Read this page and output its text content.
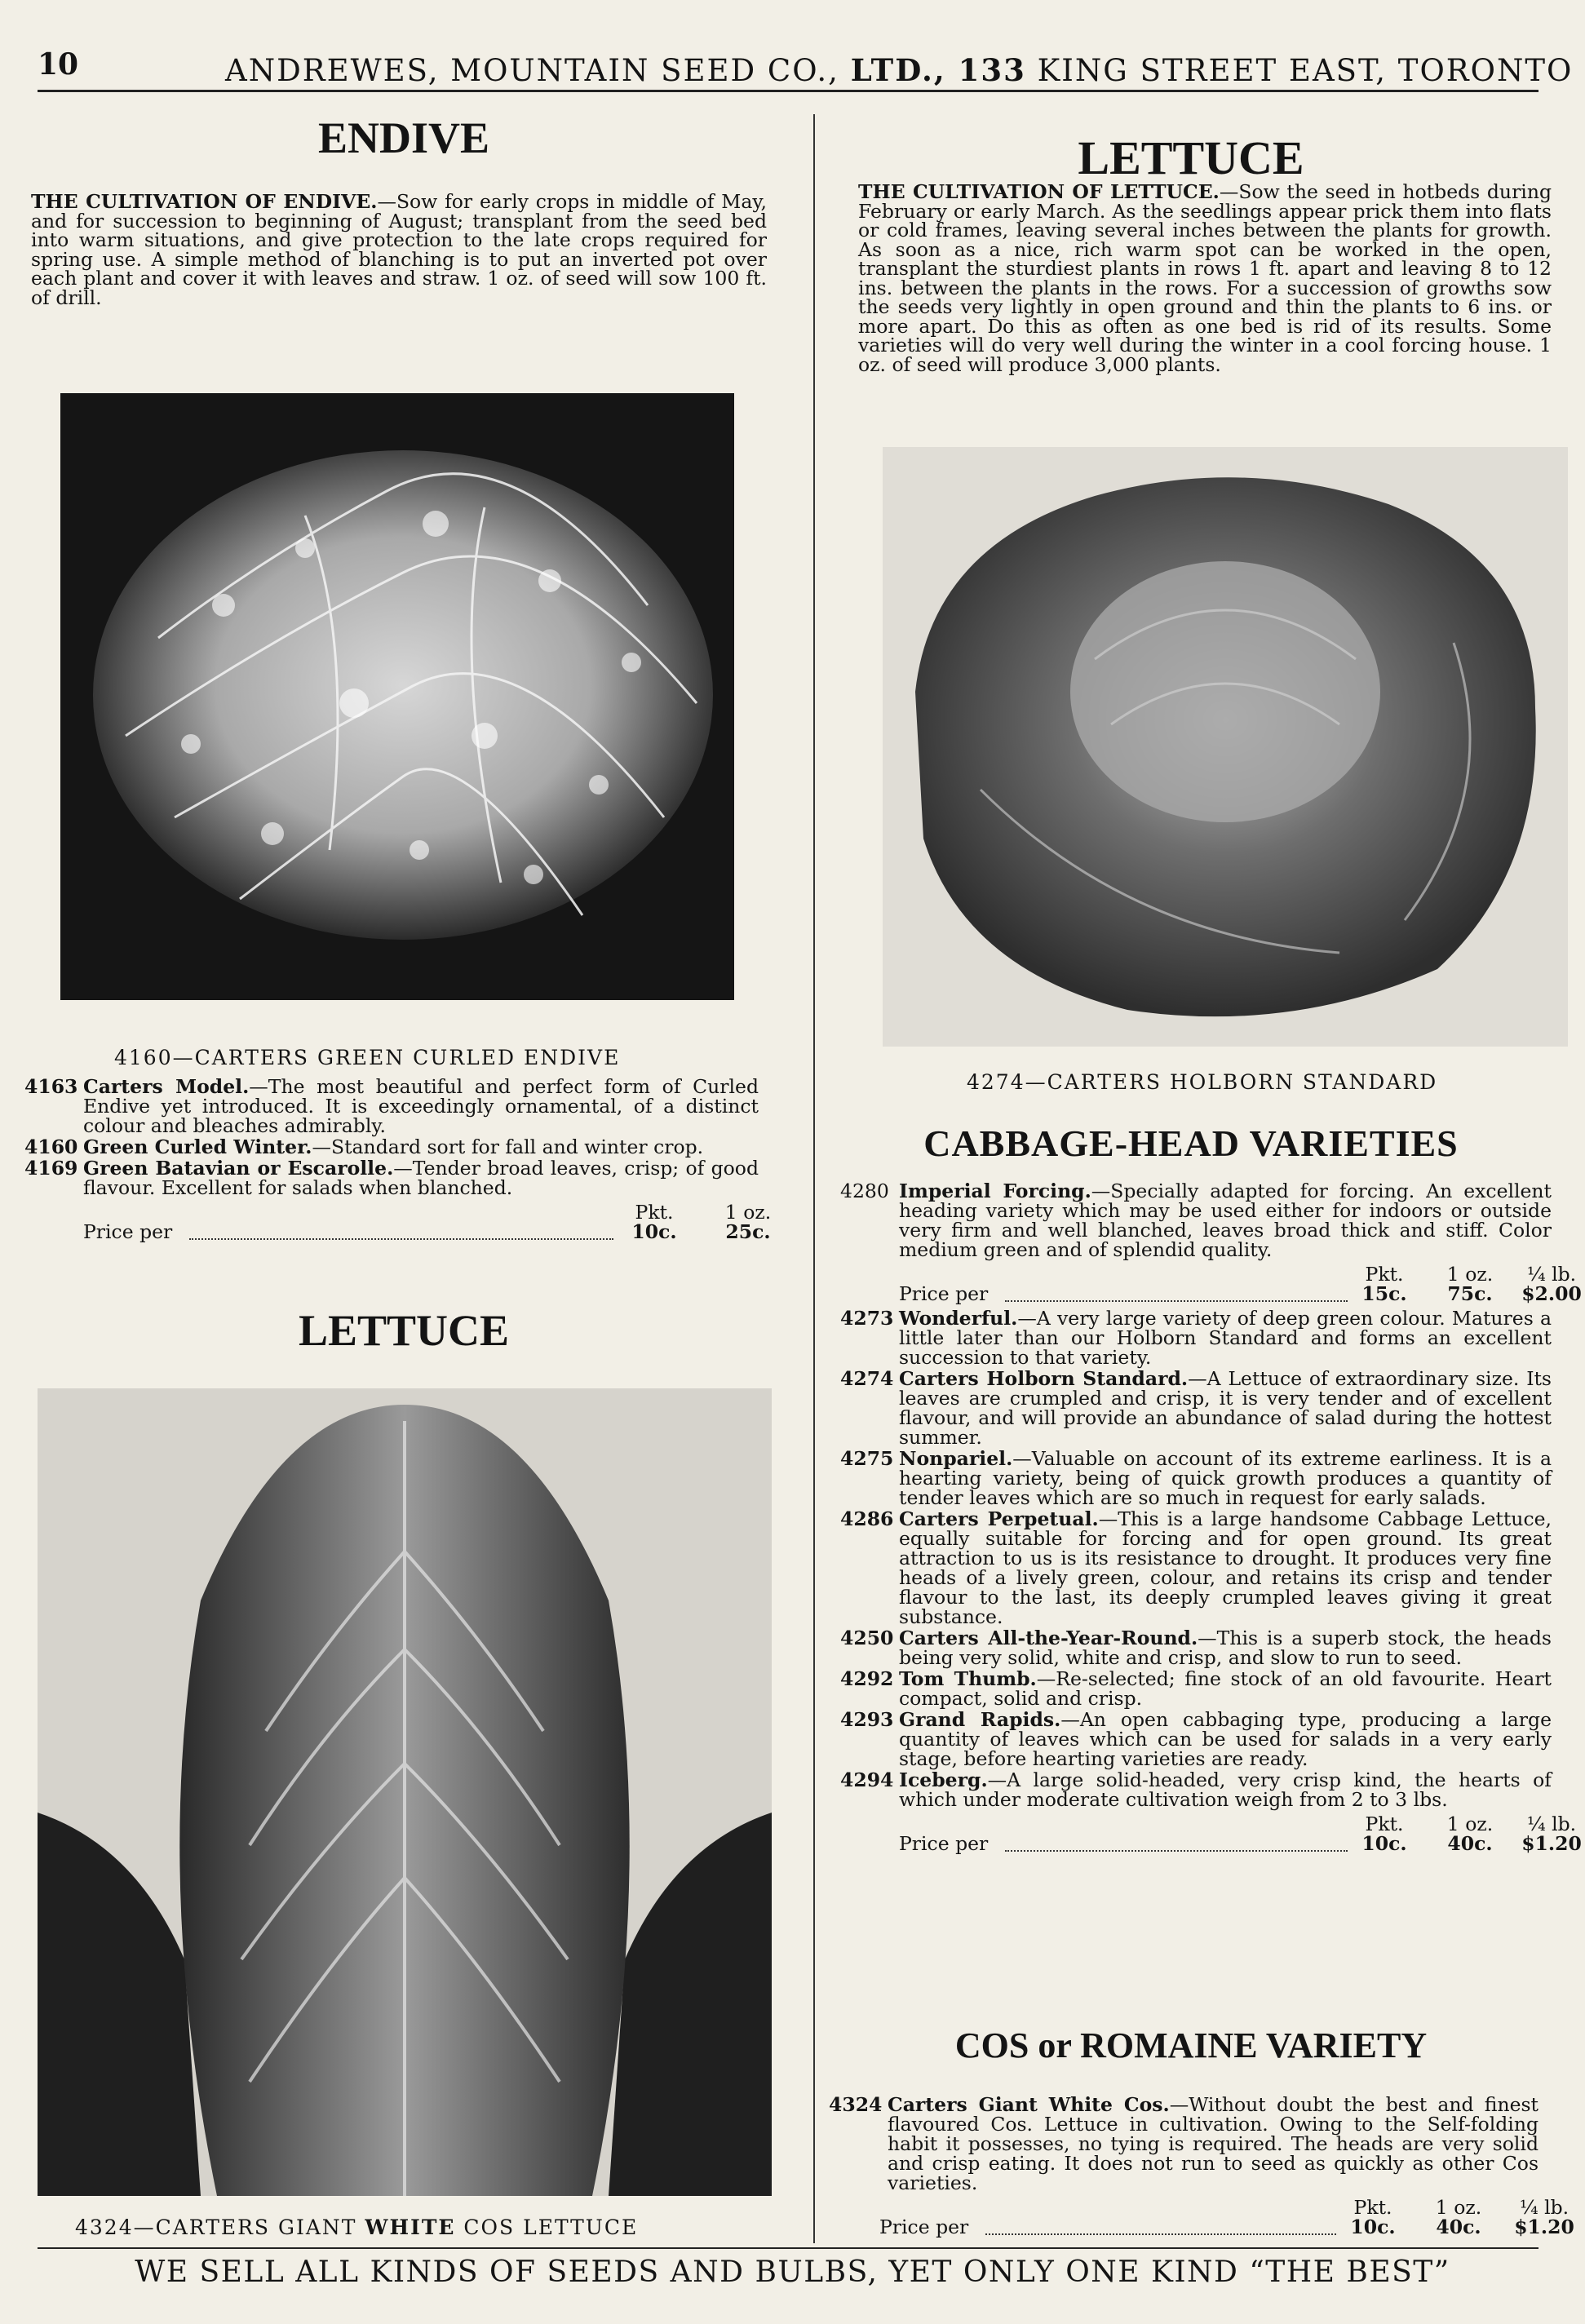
10	ANDREWES, MOUNTAIN SEED CO., LTD., 133 KING STREET EAST, TORONTO
ENDIVE
THE CULTIVATION OF ENDIVE.—Sow for early crops in middle of May, and for succession to beginning of August; transplant from the seed bed into warm situations, and give protection to the late crops required for spring use. A simple method of blanching is to put an inverted pot over each plant and cover it with leaves and straw. 1 oz. of seed will sow 100 ft. of drill.
4160—CARTERS GREEN CURLED ENDIVE
4163 Carters Model.—The most beautiful and perfect form of Curled Endive yet introduced. It is exceedingly ornamental, of a distinct colour and bleaches admirably.
4160 Green Curled Winter.—Standard sort for fall and winter crop.
4169 Green Batavian or Escarolle.—Tender broad leaves, crisp; of good flavour. Excellent for salads when blanched.
Price per
Pkt.
10c.
1 oz.
25c.
LETTUCE
4324—CARTERS GIANT WHITE COS LETTUCE
LETTUCE
THE CULTIVATION OF LETTUCE.—Sow the seed in hotbeds during February or early March. As the seedlings appear prick them into flats or cold frames, leaving several inches between the plants for growth. As soon as a nice, rich warm spot can be worked in the open, transplant the sturdiest plants in rows 1 ft. apart and leaving 8 to 12 ins. between the plants in the rows. For a succession of growths sow the seeds very lightly in open ground and thin the plants to 6 ins. or more apart. Do this as often as one bed is rid of its results. Some varieties will do very well during the winter in a cool forcing house. 1 oz. of seed will produce 3,000 plants.
4274—CARTERS HOLBORN STANDARD
CABBAGE-HEAD VARIETIES
4280 Imperial Forcing.—Specially adapted for forcing. An excellent heading variety which may be used either for indoors or outside very firm and well blanched, leaves broad thick and stiff. Color medium green and of splendid quality.
Price per
Pkt.
15c.
1 oz.
75c.
¼ lb.
$2.00
4273 Wonderful.—A very large variety of deep green colour. Matures a little later than our Holborn Standard and forms an excellent succession to that variety.
4274 Carters Holborn Standard.—A Lettuce of extraordinary size. Its leaves are crumpled and crisp, it is very tender and of excellent flavour, and will provide an abundance of salad during the hottest summer.
4275 Nonpariel.—Valuable on account of its extreme earliness. It is a hearting variety, being of quick growth produces a quantity of tender leaves which are so much in request for early salads.
4286 Carters Perpetual.—This is a large handsome Cabbage Lettuce, equally suitable for forcing and for open ground. Its great attraction to us is its resistance to drought. It produces very fine heads of a lively green, colour, and retains its crisp and tender flavour to the last, its deeply crumpled leaves giving it great substance.
4250 Carters All-the-Year-Round.—This is a superb stock, the heads being very solid, white and crisp, and slow to run to seed.
4292 Tom Thumb.—Re-selected; fine stock of an old favourite. Heart compact, solid and crisp.
4293 Grand Rapids.—An open cabbaging type, producing a large quantity of leaves which can be used for salads in a very early stage, before hearting varieties are ready.
4294 Iceberg.—A large solid-headed, very crisp kind, the hearts of which under moderate cultivation weigh from 2 to 3 lbs.
Price per
Pkt.
10c.
1 oz.
40c.
¼ lb.
$1.20
COS or ROMAINE VARIETY
4324 Carters Giant White Cos.—Without doubt the best and finest flavoured Cos. Lettuce in cultivation. Owing to the Self-folding habit it possesses, no tying is required. The heads are very solid and crisp eating. It does not run to seed as quickly as other Cos varieties.
Price per
Pkt.
10c.
1 oz.
40c.
¼ lb.
$1.20
WE SELL ALL KINDS OF SEEDS AND BULBS, YET ONLY ONE KIND “THE BEST”
